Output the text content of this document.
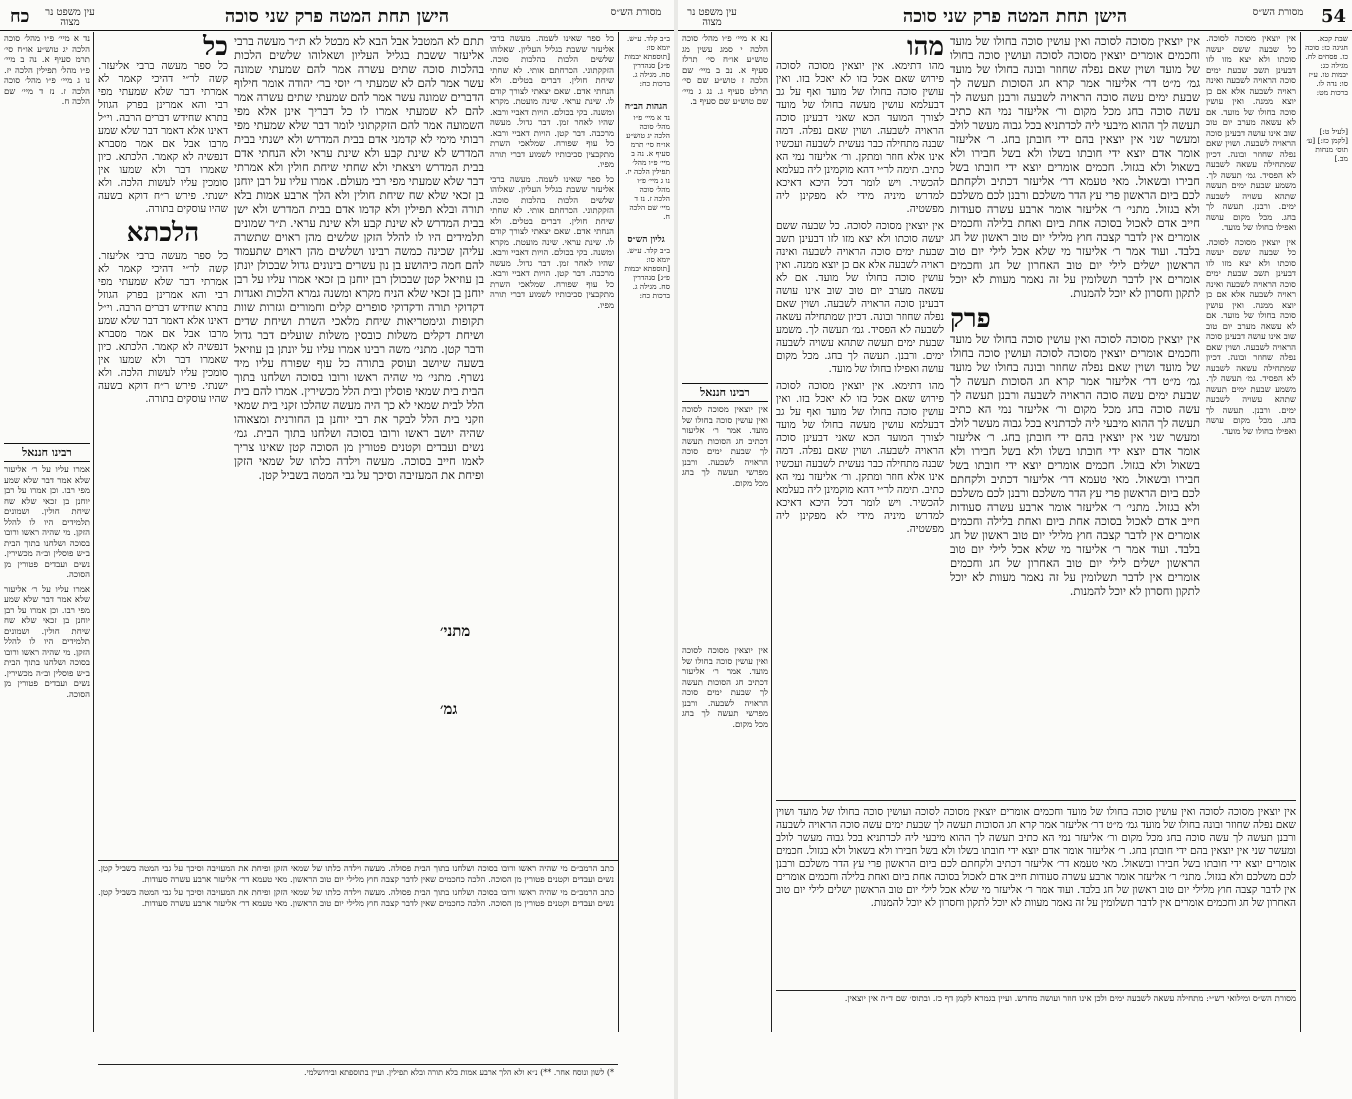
54
מסורת הש״ס
הישן תחת המטה פרק שני סוכה
עין משפט נר מצוה
נא א מיי׳ פ״ו מהל׳ סוכה הלכה י סמג עשין מג טוש״ע או״ח סי׳ תרלז סעיף א. נב ב מיי׳ שם הלכה ז טוש״ע שם סי׳ תרלט סעיף ג. נג ג מיי׳ שם טוש״ע שם סעיף ב.
רבינו חננאל
אין יוצאין מסוכה לסוכה ואין עושין סוכה בחולו של מועד. אמר ר׳ אליעזר דכתיב חג הסוכות תעשה לך שבעת ימים סוכה הראויה לשבעה. ורבנן מפרשי תעשה לך בחג מכל מקום.
אין יוצאין מסוכה לסוכה ואין עושין סוכה בחולו של מועד. אמר ר׳ אליעזר דכתיב חג הסוכות תעשה לך שבעת ימים סוכה הראויה לשבעה. ורבנן מפרשי תעשה לך בחג מכל מקום.
מהו
מהו דתימא. אין יוצאין מסוכה לסוכה פירוש שאם אכל בזו לא יאכל בזו. ואין עושין סוכה בחולו של מועד ואף על גב דבעלמא עושין מעשה בחולו של מועד לצורך המועד הכא שאני דבעינן סוכה הראויה לשבעה. ושוין שאם נפלה. דמה שבנה מתחילה כבר נעשית לשבעה ועכשיו אינו אלא חוזר ומתקן. ור׳ אליעזר נמי הא כתיב. תימה לר״י דהא מוקמינן ליה בעלמא להכשיר. ויש לומר דכל היכא דאיכא למדרש מיניה מידי לא מפקינן ליה מפשטיה.
אין יוצאין מסוכה לסוכה. כל שבעה ששם יעשה סוכתו ולא יצא מזו לזו דבעינן תשב שבעת ימים סוכה הראויה לשבעה ואינה ראויה לשבעה אלא אם כן יוצא ממנה. ואין עושין סוכה בחולו של מועד. אם לא עשאה מערב יום טוב שוב אינו עושה דבעינן סוכה הראויה לשבעה. ושוין שאם נפלה שחוזר ובונה. דכיון שמתחילה עשאה לשבעה לא הפסיד. גמ׳ תעשה לך. משמע שבעת ימים תעשה שתהא עשויה לשבעה ימים. ורבנן. תעשה לך בחג. מכל מקום עושה ואפילו בחולו של מועד.
מהו דתימא. אין יוצאין מסוכה לסוכה פירוש שאם אכל בזו לא יאכל בזו. ואין עושין סוכה בחולו של מועד ואף על גב דבעלמא עושין מעשה בחולו של מועד לצורך המועד הכא שאני דבעינן סוכה הראויה לשבעה. ושוין שאם נפלה. דמה שבנה מתחילה כבר נעשית לשבעה ועכשיו אינו אלא חוזר ומתקן. ור׳ אליעזר נמי הא כתיב. תימה לר״י דהא מוקמינן ליה בעלמא להכשיר. ויש לומר דכל היכא דאיכא למדרש מיניה מידי לא מפקינן ליה מפשטיה.
אין יוצאין מסוכה לסוכה ואין עושין סוכה בחולו של מועד וחכמים אומרים יוצאין מסוכה לסוכה ועושין סוכה בחולו של מועד ושוין שאם נפלה שחוזר ובונה בחולו של מועד גמ׳ מ״ט דר׳ אליעזר אמר קרא חג הסוכות תעשה לך שבעת ימים עשה סוכה הראויה לשבעה ורבנן תעשה לך עשה סוכה בחג מכל מקום ור׳ אליעזר נמי הא כתיב תעשה לך ההוא מיבעי ליה לכדתניא בכל גבוה מעשר לולב ומעשר שני אין יוצאין בהם ידי חובתן בחג. ר׳ אליעזר אומר אדם יוצא ידי חובתו בשלו ולא בשל חבירו ולא בשאול ולא בגזול. חכמים אומרים יוצא ידי חובתו בשל חבירו ובשאול. מאי טעמא דר׳ אליעזר דכתיב ולקחתם לכם ביום הראשון פרי עץ הדר משלכם ורבנן לכם משלכם ולא בגזול. מתני׳ ר׳ אליעזר אומר ארבע עשרה סעודות חייב אדם לאכול בסוכה אחת ביום ואחת בלילה וחכמים אומרים אין לדבר קצבה חוץ מלילי יום טוב ראשון של חג בלבד. ועוד אמר ר׳ אליעזר מי שלא אכל לילי יום טוב הראשון ישלים לילי יום טוב האחרון של חג וחכמים אומרים אין לדבר תשלומין על זה נאמר מעוות לא יוכל לתקון וחסרון לא יוכל להמנות.
פרק
אין יוצאין מסוכה לסוכה ואין עושין סוכה בחולו של מועד וחכמים אומרים יוצאין מסוכה לסוכה ועושין סוכה בחולו של מועד ושוין שאם נפלה שחוזר ובונה בחולו של מועד גמ׳ מ״ט דר׳ אליעזר אמר קרא חג הסוכות תעשה לך שבעת ימים עשה סוכה הראויה לשבעה ורבנן תעשה לך עשה סוכה בחג מכל מקום ור׳ אליעזר נמי הא כתיב תעשה לך ההוא מיבעי ליה לכדתניא בכל גבוה מעשר לולב ומעשר שני אין יוצאין בהם ידי חובתן בחג. ר׳ אליעזר אומר אדם יוצא ידי חובתו בשלו ולא בשל חבירו ולא בשאול ולא בגזול. חכמים אומרים יוצא ידי חובתו בשל חבירו ובשאול. מאי טעמא דר׳ אליעזר דכתיב ולקחתם לכם ביום הראשון פרי עץ הדר משלכם ורבנן לכם משלכם ולא בגזול. מתני׳ ר׳ אליעזר אומר ארבע עשרה סעודות חייב אדם לאכול בסוכה אחת ביום ואחת בלילה וחכמים אומרים אין לדבר קצבה חוץ מלילי יום טוב ראשון של חג בלבד. ועוד אמר ר׳ אליעזר מי שלא אכל לילי יום טוב הראשון ישלים לילי יום טוב האחרון של חג וחכמים אומרים אין לדבר תשלומין על זה נאמר מעוות לא יוכל לתקון וחסרון לא יוכל להמנות.
אין יוצאין מסוכה לסוכה. כל שבעה ששם יעשה סוכתו ולא יצא מזו לזו דבעינן תשב שבעת ימים סוכה הראויה לשבעה ואינה ראויה לשבעה אלא אם כן יוצא ממנה. ואין עושין סוכה בחולו של מועד. אם לא עשאה מערב יום טוב שוב אינו עושה דבעינן סוכה הראויה לשבעה. ושוין שאם נפלה שחוזר ובונה. דכיון שמתחילה עשאה לשבעה לא הפסיד. גמ׳ תעשה לך. משמע שבעת ימים תעשה שתהא עשויה לשבעה ימים. ורבנן. תעשה לך בחג. מכל מקום עושה ואפילו בחולו של מועד.
אין יוצאין מסוכה לסוכה. כל שבעה ששם יעשה סוכתו ולא יצא מזו לזו דבעינן תשב שבעת ימים סוכה הראויה לשבעה ואינה ראויה לשבעה אלא אם כן יוצא ממנה. ואין עושין סוכה בחולו של מועד. אם לא עשאה מערב יום טוב שוב אינו עושה דבעינן סוכה הראויה לשבעה. ושוין שאם נפלה שחוזר ובונה. דכיון שמתחילה עשאה לשבעה לא הפסיד. גמ׳ תעשה לך. משמע שבעת ימים תעשה שתהא עשויה לשבעה ימים. ורבנן. תעשה לך בחג. מכל מקום עושה ואפילו בחולו של מועד.
שבת קכא. חגיגה כז: סוכה כז. פסחים לח. מגילה כג: יבמות טו. ע״ז סו: נדה לו. ברכות מט:
[לעיל ט:] [לקמן כז:] [ע׳ תוס׳ מנחות מב.]
אין יוצאין מסוכה לסוכה ואין עושין סוכה בחולו של מועד וחכמים אומרים יוצאין מסוכה לסוכה ועושין סוכה בחולו של מועד ושוין שאם נפלה שחוזר ובונה בחולו של מועד גמ׳ מ״ט דר׳ אליעזר אמר קרא חג הסוכות תעשה לך שבעת ימים עשה סוכה הראויה לשבעה ורבנן תעשה לך עשה סוכה בחג מכל מקום ור׳ אליעזר נמי הא כתיב תעשה לך ההוא מיבעי ליה לכדתניא בכל גבוה מעשר לולב ומעשר שני אין יוצאין בהם ידי חובתן בחג. ר׳ אליעזר אומר אדם יוצא ידי חובתו בשלו ולא בשל חבירו ולא בשאול ולא בגזול. חכמים אומרים יוצא ידי חובתו בשל חבירו ובשאול. מאי טעמא דר׳ אליעזר דכתיב ולקחתם לכם ביום הראשון פרי עץ הדר משלכם ורבנן לכם משלכם ולא בגזול. מתני׳ ר׳ אליעזר אומר ארבע עשרה סעודות חייב אדם לאכול בסוכה אחת ביום ואחת בלילה וחכמים אומרים אין לדבר קצבה חוץ מלילי יום טוב ראשון של חג בלבד. ועוד אמר ר׳ אליעזר מי שלא אכל לילי יום טוב הראשון ישלים לילי יום טוב האחרון של חג וחכמים אומרים אין לדבר תשלומין על זה נאמר מעוות לא יוכל לתקון וחסרון לא יוכל להמנות.
מסורת הש״ס ומילואי רש״י: מתחילה עשאה לשבעה ימים ולכן אינו חוזר ועושה מחדש. ועיין בגמרא לקמן דף כז. ובתוס׳ שם ד״ה אין יוצאין.
כח	עין משפט נר מצוה	הישן תחת המטה פרק שני סוכה	מסורת הש״ס
נד א מיי׳ פ״ו מהל׳ סוכה הלכה יג טוש״ע או״ח סי׳ תרמ סעיף א. נה ב מיי׳ פ״ו מהל׳ תפילין הלכה יז. נו ג מיי׳ פ״ו מהל׳ סוכה הלכה ז. נז ד מיי׳ שם הלכה ח.
רבינו חננאל
אמרו עליו על ר׳ אליעזר שלא אמר דבר שלא שמע מפי רבו. וכן אמרו על רבן יוחנן בן זכאי שלא שח שיחת חולין. ושמונים תלמידים היו לו להלל הזקן. מי שהיה ראשו ורובו בסוכה ושלחנו בתוך הבית ב״ש פוסלין וב״ה מכשירין. נשים ועבדים פטורין מן הסוכה.
אמרו עליו על ר׳ אליעזר שלא אמר דבר שלא שמע מפי רבו. וכן אמרו על רבן יוחנן בן זכאי שלא שח שיחת חולין. ושמונים תלמידים היו לו להלל הזקן. מי שהיה ראשו ורובו בסוכה ושלחנו בתוך הבית ב״ש פוסלין וב״ה מכשירין. נשים ועבדים פטורין מן הסוכה.
כל
כל ספר מעשה ברבי אליעזר. קשה לר״י דהיכי קאמר לא אמרתי דבר שלא שמעתי מפי רבי והא אמרינן בפרק הגוזל בתרא שחידש דברים הרבה. וי״ל דאינו אלא דאמר דבר שלא שמע מרבו אבל אם אמר מסברא דנפשיה לא קאמר. הלכתא. כיון שאמרו דבר ולא שמעו אין סומכין עליו לעשות הלכה. ולא ישנתי. פירש ר״ח דוקא בשעה שהיו עוסקים בתורה.
הלכתא
כל ספר מעשה ברבי אליעזר. קשה לר״י דהיכי קאמר לא אמרתי דבר שלא שמעתי מפי רבי והא אמרינן בפרק הגוזל בתרא שחידש דברים הרבה. וי״ל דאינו אלא דאמר דבר שלא שמע מרבו אבל אם אמר מסברא דנפשיה לא קאמר. הלכתא. כיון שאמרו דבר ולא שמעו אין סומכין עליו לעשות הלכה. ולא ישנתי. פירש ר״ח דוקא בשעה שהיו עוסקים בתורה.
תתם לא המטבל אבל הבא לא מבטל לא ת״ר מעשה ברבי אליעזר ששבת בגליל העליון ושאלוהו שלשים הלכות בהלכות סוכה שתים עשרה אמר להם שמעתי שמונה עשר אמר להם לא שמעתי ר׳ יוסי בר׳ יהודה אומר חילוף הדברים שמונה עשר אמר להם שמעתי שתים עשרה אמר להם לא שמעתי אמרו לו כל דבריך אינן אלא מפי השמועה אמר להם הזקקתוני לומר דבר שלא שמעתי מפי רבותי מימי לא קדמני אדם בבית המדרש ולא ישנתי בבית המדרש לא שינת קבע ולא שינת עראי ולא הנחתי אדם בבית המדרש ויצאתי ולא שחתי שיחת חולין ולא אמרתי דבר שלא שמעתי מפי רבי מעולם. אמרו עליו על רבן יוחנן בן זכאי שלא שח שיחת חולין ולא הלך ארבע אמות בלא תורה ובלא תפילין ולא קדמו אדם בבית המדרש ולא ישן בבית המדרש לא שינת קבע ולא שינת עראי. ת״ר שמונים תלמידים היו לו להלל הזקן שלשים מהן ראוים שתשרה עליהן שכינה כמשה רבינו ושלשים מהן ראוים שתעמוד להם חמה כיהושע בן נון עשרים בינונים גדול שבכולן יונתן בן עוזיאל קטן שבכולן רבן יוחנן בן זכאי אמרו עליו על רבן יוחנן בן זכאי שלא הניח מקרא ומשנה גמרא הלכות ואגדות דקדוקי תורה ודקדוקי סופרים קלים וחמורים וגזרות שוות תקופות וגימטריאות שיחת מלאכי השרת ושיחת שדים ושיחת דקלים משלות כובסין משלות שועלים דבר גדול ודבר קטן. מתני׳ משה רבינו אמרו עליו על יונתן בן עוזיאל בשעה שיושב ועוסק בתורה כל עוף שפורח עליו מיד נשרף. מתני׳ מי שהיה ראשו ורובו בסוכה ושלחנו בתוך הבית בית שמאי פוסלין ובית הלל מכשירין. אמרו להם בית הלל לבית שמאי לא כך היה מעשה שהלכו זקני בית שמאי וזקני בית הלל לבקר את רבי יוחנן בן החורנית ומצאוהו שהיה יושב ראשו ורובו בסוכה ושלחנו בתוך הבית. גמ׳ נשים ועבדים וקטנים פטורין מן הסוכה קטן שאינו צריך לאמו חייב בסוכה. מעשה וילדה כלתו של שמאי הזקן ופיחת את המעזיבה וסיכך על גבי המטה בשביל קטן.
כל ספר שאינו לשמה. מעשה ברבי אליעזר ששבת בגליל העליון. שאלוהו שלשים הלכות בהלכות סוכה. הזקקתוני. הכרחתם אותי. לא שחתי שיחת חולין. דברים בטלים. ולא הנחתי אדם. שאם יצאתי לצורך קודם לו. שינת עראי. שינה מועטת. מקרא ומשנה. בקי בכולם. הויות דאביי ורבא. שהיו לאחר זמן. דבר גדול. מעשה מרכבה. דבר קטן. הויות דאביי ורבא. כל עוף שפורח. שמלאכי השרת מתקבצין סביבותיו לשמוע דברי תורה מפיו.
כל ספר שאינו לשמה. מעשה ברבי אליעזר ששבת בגליל העליון. שאלוהו שלשים הלכות בהלכות סוכה. הזקקתוני. הכרחתם אותי. לא שחתי שיחת חולין. דברים בטלים. ולא הנחתי אדם. שאם יצאתי לצורך קודם לו. שינת עראי. שינה מועטת. מקרא ומשנה. בקי בכולם. הויות דאביי ורבא. שהיו לאחר זמן. דבר גדול. מעשה מרכבה. דבר קטן. הויות דאביי ורבא. כל עוף שפורח. שמלאכי השרת מתקבצין סביבותיו לשמוע דברי תורה מפיו.
ב״ב קלד. ע״ש. יומא סו: [תוספתא יבמות פ״ג] סנהדרין סח. מגילה ג. ברכות כח:
הגהות הב״ח
נד א מיי׳ פ״ו מהל׳ סוכה הלכה יג טוש״ע או״ח סי׳ תרמ סעיף א. נה ב מיי׳ פ״ו מהל׳ תפילין הלכה יז. נו ג מיי׳ פ״ו מהל׳ סוכה הלכה ז. נז ד מיי׳ שם הלכה ח.
גליון הש״ס
ב״ב קלד. ע״ש. יומא סו: [תוספתא יבמות פ״ג] סנהדרין סח. מגילה ג. ברכות כח:
מתני׳
גמ׳
כתב הרמב״ם מי שהיה ראשו ורובו בסוכה ושלחנו בתוך הבית פסולה. מעשה וילדה כלתו של שמאי הזקן ופיחת את המעזיבה וסיכך על גבי המטה בשביל קטן. נשים ועבדים וקטנים פטורין מן הסוכה. הלכה כחכמים שאין לדבר קצבה חוץ מלילי יום טוב הראשון. מאי טעמא דר׳ אליעזר ארבע עשרה סעודות.
כתב הרמב״ם מי שהיה ראשו ורובו בסוכה ושלחנו בתוך הבית פסולה. מעשה וילדה כלתו של שמאי הזקן ופיחת את המעזיבה וסיכך על גבי המטה בשביל קטן. נשים ועבדים וקטנים פטורין מן הסוכה. הלכה כחכמים שאין לדבר קצבה חוץ מלילי יום טוב הראשון. מאי טעמא דר׳ אליעזר ארבע עשרה סעודות.
*) לשון ונוסח אחר. **) נ״א ולא הלך ארבע אמות בלא תורה ובלא תפילין. ועיין בתוספתא ובירושלמי.
